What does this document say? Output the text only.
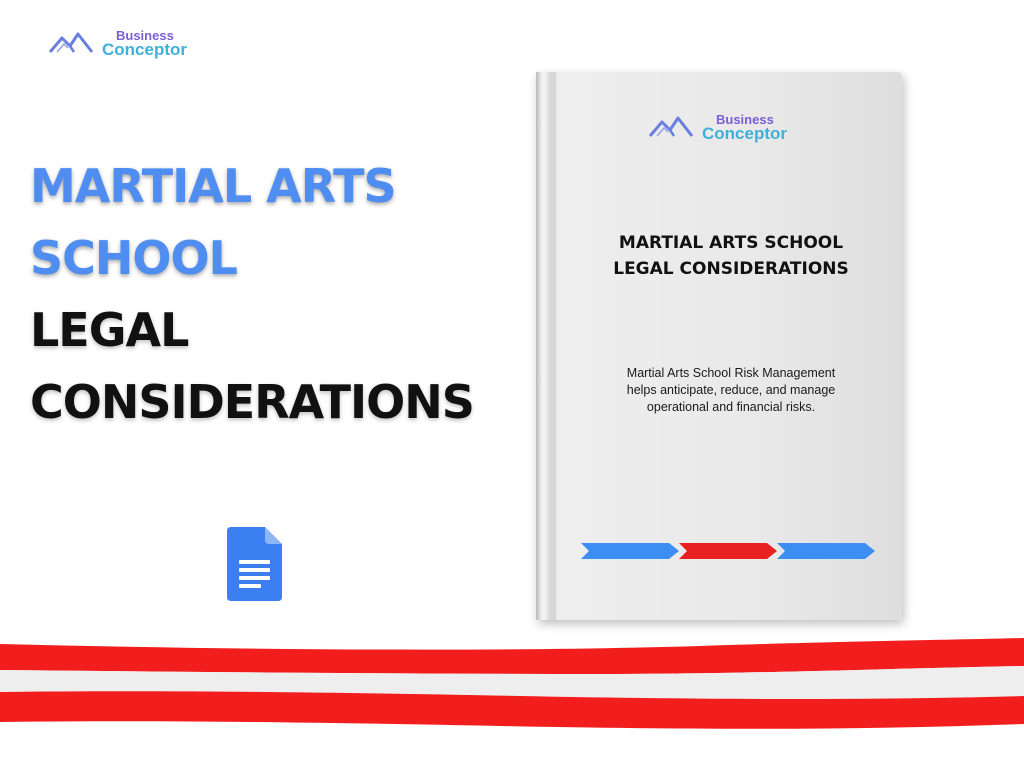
Business
Conceptor
MARTIAL ARTS
SCHOOL
LEGAL
CONSIDERATIONS
Business
Conceptor
MARTIAL ARTS SCHOOL
LEGAL CONSIDERATIONS
Martial Arts School Risk Management
helps anticipate, reduce, and manage
operational and financial risks.
